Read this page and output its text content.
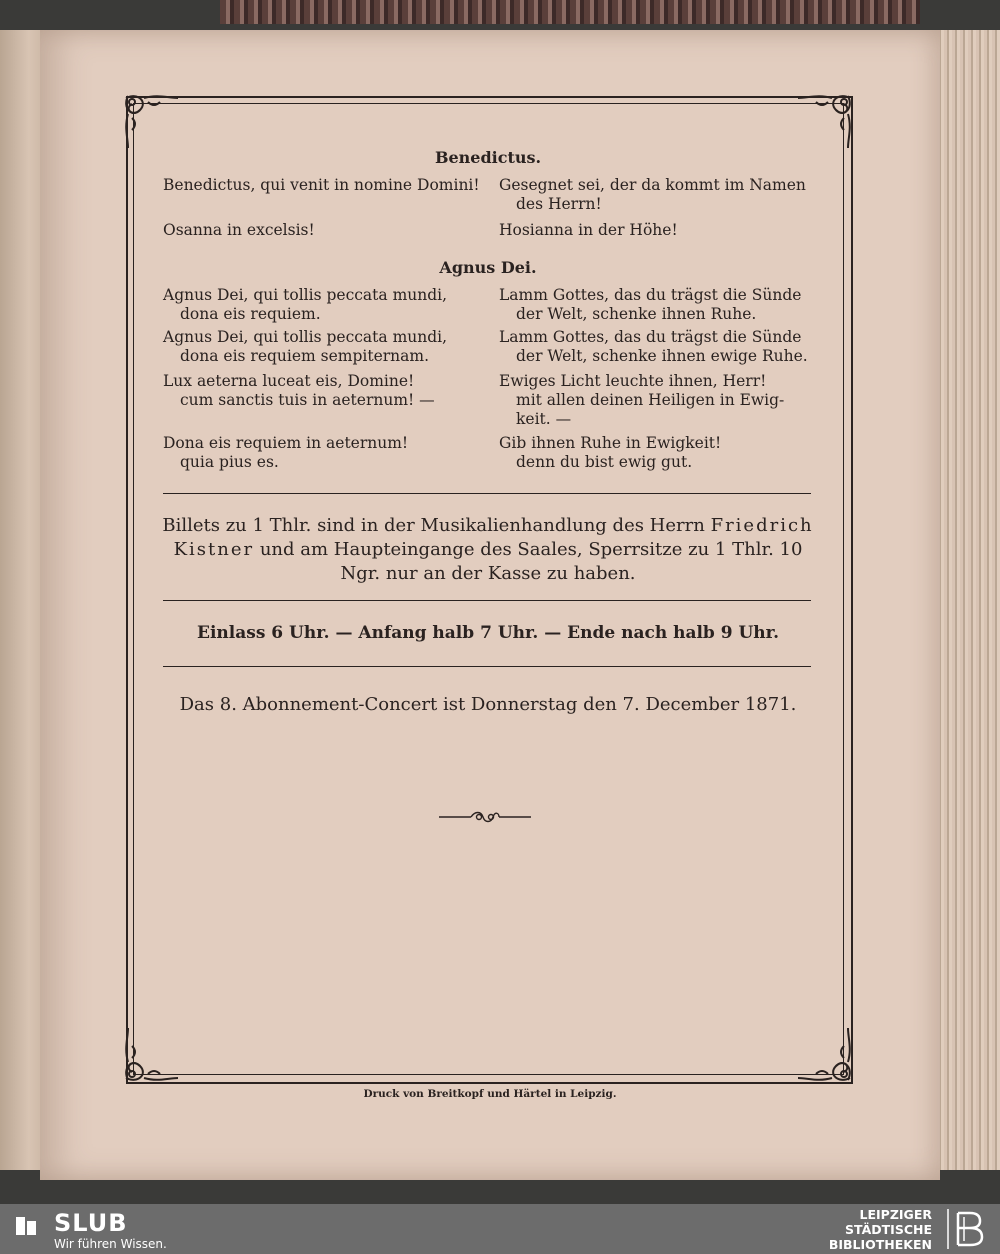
Benedictus.
Benedictus, qui venit in nomine Domini!	Gesegnet sei, der da kommt im Namen
des Herrn!
Osanna in excelsis!	Hosianna in der Höhe!
Agnus Dei.
Agnus Dei, qui tollis peccata mundi,
dona eis requiem.
Lamm Gottes, das du trägst die Sünde
der Welt, schenke ihnen Ruhe.
Agnus Dei, qui tollis peccata mundi,
dona eis requiem sempiternam.
Lamm Gottes, das du trägst die Sünde
der Welt, schenke ihnen ewige Ruhe.
Lux aeterna luceat eis, Domine!
cum sanctis tuis in aeternum! —
Ewiges Licht leuchte ihnen, Herr!
mit allen deinen Heiligen in Ewig-
keit. —
Dona eis requiem in aeternum!
quia pius es.
Gib ihnen Ruhe in Ewigkeit!
denn du bist ewig gut.
Billets zu 1 Thlr. sind in der Musikalienhandlung des Herrn Friedrich Kistner und am Haupteingange des Saales, Sperrsitze zu 1 Thlr. 10 Ngr. nur an der Kasse zu haben.
Einlass 6 Uhr. — Anfang halb 7 Uhr. — Ende nach halb 9 Uhr.
Das 8. Abonnement-Concert ist Donnerstag den 7. December 1871.
Druck von Breitkopf und Härtel in Leipzig.
SLUB
Wir führen Wissen.
LEIPZIGER
STÄDTISCHE
BIBLIOTHEKEN
